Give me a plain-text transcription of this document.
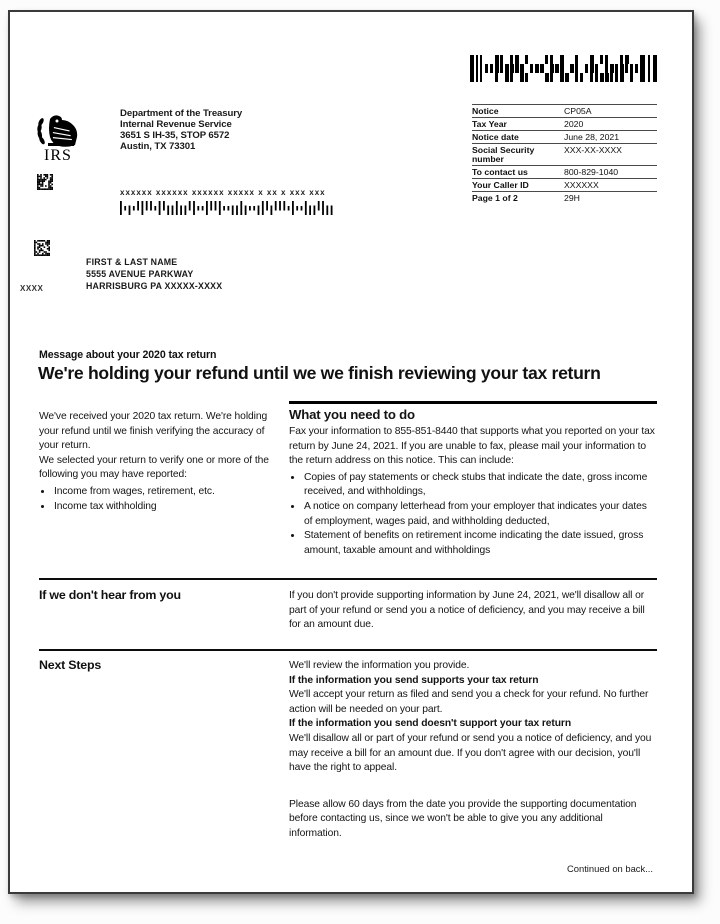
IRS
Department of the Treasury
Internal Revenue Service
3651 S IH-35, STOP 6572
Austin, TX 73301
Notice	CP05A
Tax Year	2020
Notice date	June 28, 2021
Social Security number	XXX-XX-XXXX
To contact us	800-829-1040
Your Caller ID	XXXXXX
Page 1 of 2	29H
xxxxxx xxxxxx xxxxxx xxxxx x xx x xxx xxx
FIRST & LAST NAME
5555 AVENUE PARKWAY
HARRISBURG PA XXXXX-XXXX
XXXX

Message about your 2020 tax return

We're holding your refund until we we finish reviewing your tax return

We've received your 2020 tax return. We're holding your refund until we finish verifying the accuracy of your return.

We selected your return to verify one or more of the following you may have reported:

• Income from wages, retirement, etc.
• Income tax withholding
What you need to do

Fax your information to 855-851-8440 that supports what you reported on your tax return by June 24, 2021. If you are unable to fax, please mail your information to the return address on this notice. This can include:

• Copies of pay statements or check stubs that indicate the date, gross income received, and withholdings,
• A notice on company letterhead from your employer that indicates your dates of employment, wages paid, and withholding deducted,
• Statement of benefits on retirement income indicating the date issued, gross amount, taxable amount and withholdings
If we don't hear from you	If you don't provide supporting information by June 24, 2021, we'll disallow all or part of your refund or send you a notice of deficiency, and you may receive a bill for an amount due.

Next Steps	We'll review the information you provide.

If the information you send supports your tax return

We'll accept your return as filed and send you a check for your refund. No further action will be needed on your part.

If the information you send doesn't support your tax return

We'll disallow all or part of your refund or send you a notice of deficiency, and you may receive a bill for an amount due. If you don't agree with our decision, you'll have the right to appeal.

Please allow 60 days from the date you provide the supporting documentation before contacting us, since we won't be able to give you any additional information.

Continued on back...
